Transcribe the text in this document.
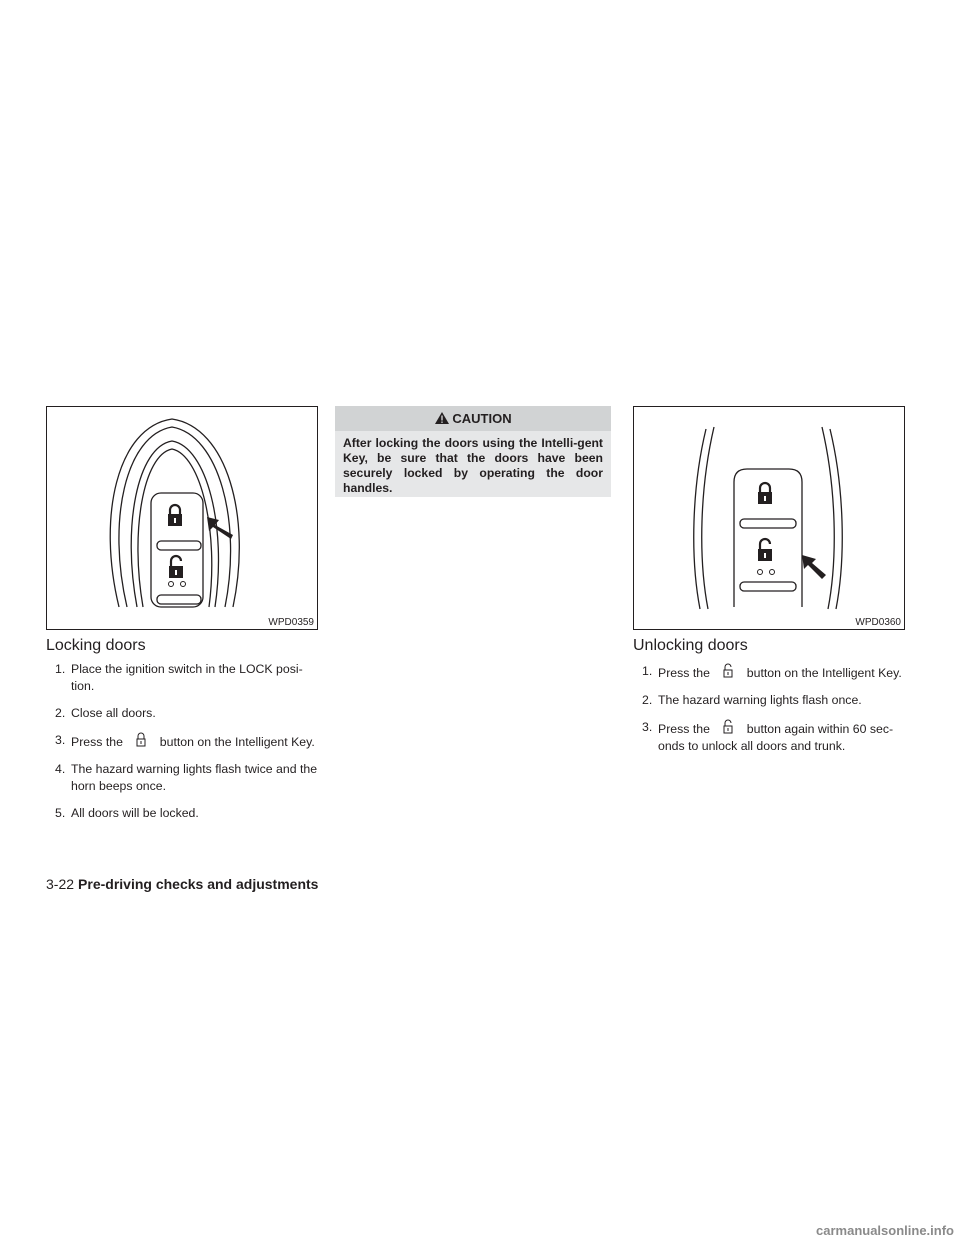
WPD0359
Locking doors
1. Place the ignition switch in the LOCK posi-tion.
2. Close all doors.
3. Press the	button on the Intelligent Key.
4. The hazard warning lights flash twice and the horn beeps once.
5. All doors will be locked.
CAUTION
After locking the doors using the Intelli-gent Key, be sure that the doors have been securely locked by operating the door handles.
WPD0360
Unlocking doors
1. Press the	button on the Intelligent Key.
2. The hazard warning lights flash once.
3. Press the	button again within 60 sec-onds to unlock all doors and trunk.
3-22 Pre-driving checks and adjustments
carmanualsonline.info
